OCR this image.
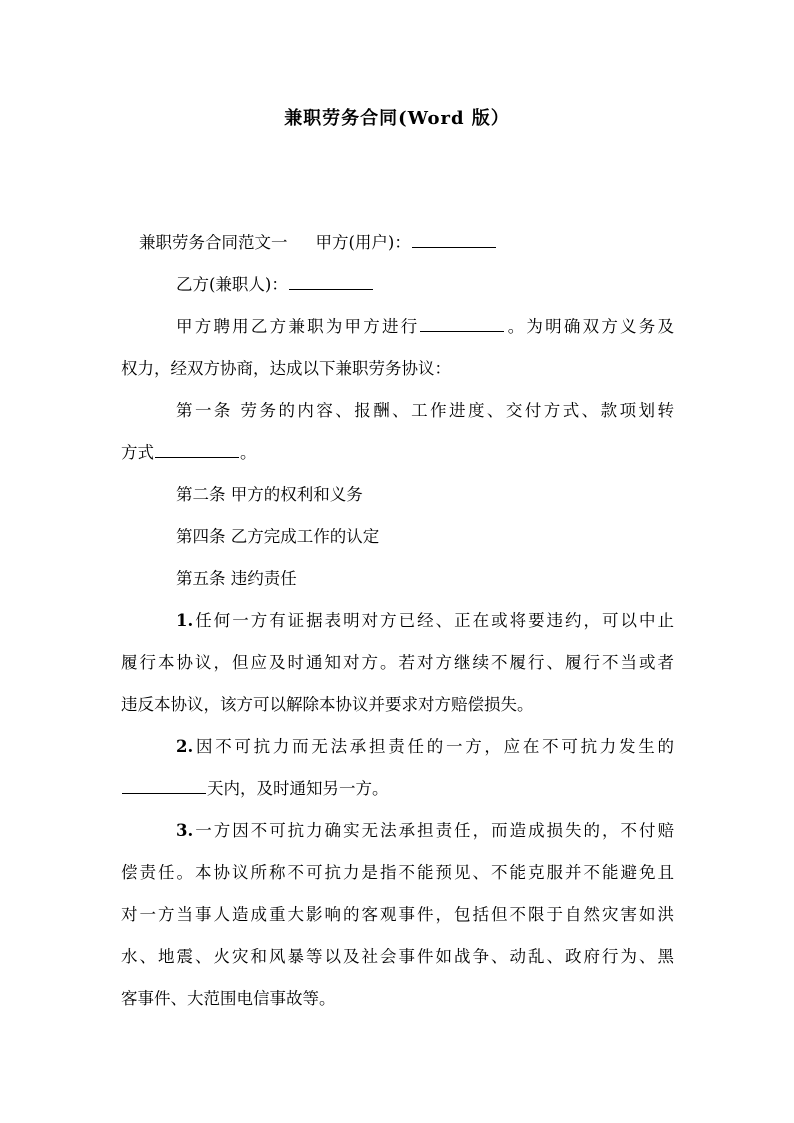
兼职劳务合同(Word 版）
兼职劳务合同范文一 甲方(用户)：
乙方(兼职人)：
甲方聘用乙方兼职为甲方进行	。为明确双方义务及
权力，经双方协商，达成以下兼职劳务协议：
第一条 劳务的内容、报酬、工作进度、交付方式、款项划转
方式	。
第二条 甲方的权利和义务
第四条 乙方完成工作的认定
第五条 违约责任
1.任何一方有证据表明对方已经、正在或将要违约，可以中止
履行本协议，但应及时通知对方。若对方继续不履行、履行不当或者
违反本协议，该方可以解除本协议并要求对方赔偿损失。
2.因不可抗力而无法承担责任的一方，应在不可抗力发生的
天内，及时通知另一方。
3.一方因不可抗力确实无法承担责任，而造成损失的，不付赔
偿责任。本协议所称不可抗力是指不能预见、不能克服并不能避免且
对一方当事人造成重大影响的客观事件，包括但不限于自然灾害如洪
水、地震、火灾和风暴等以及社会事件如战争、动乱、政府行为、黑
客事件、大范围电信事故等。
